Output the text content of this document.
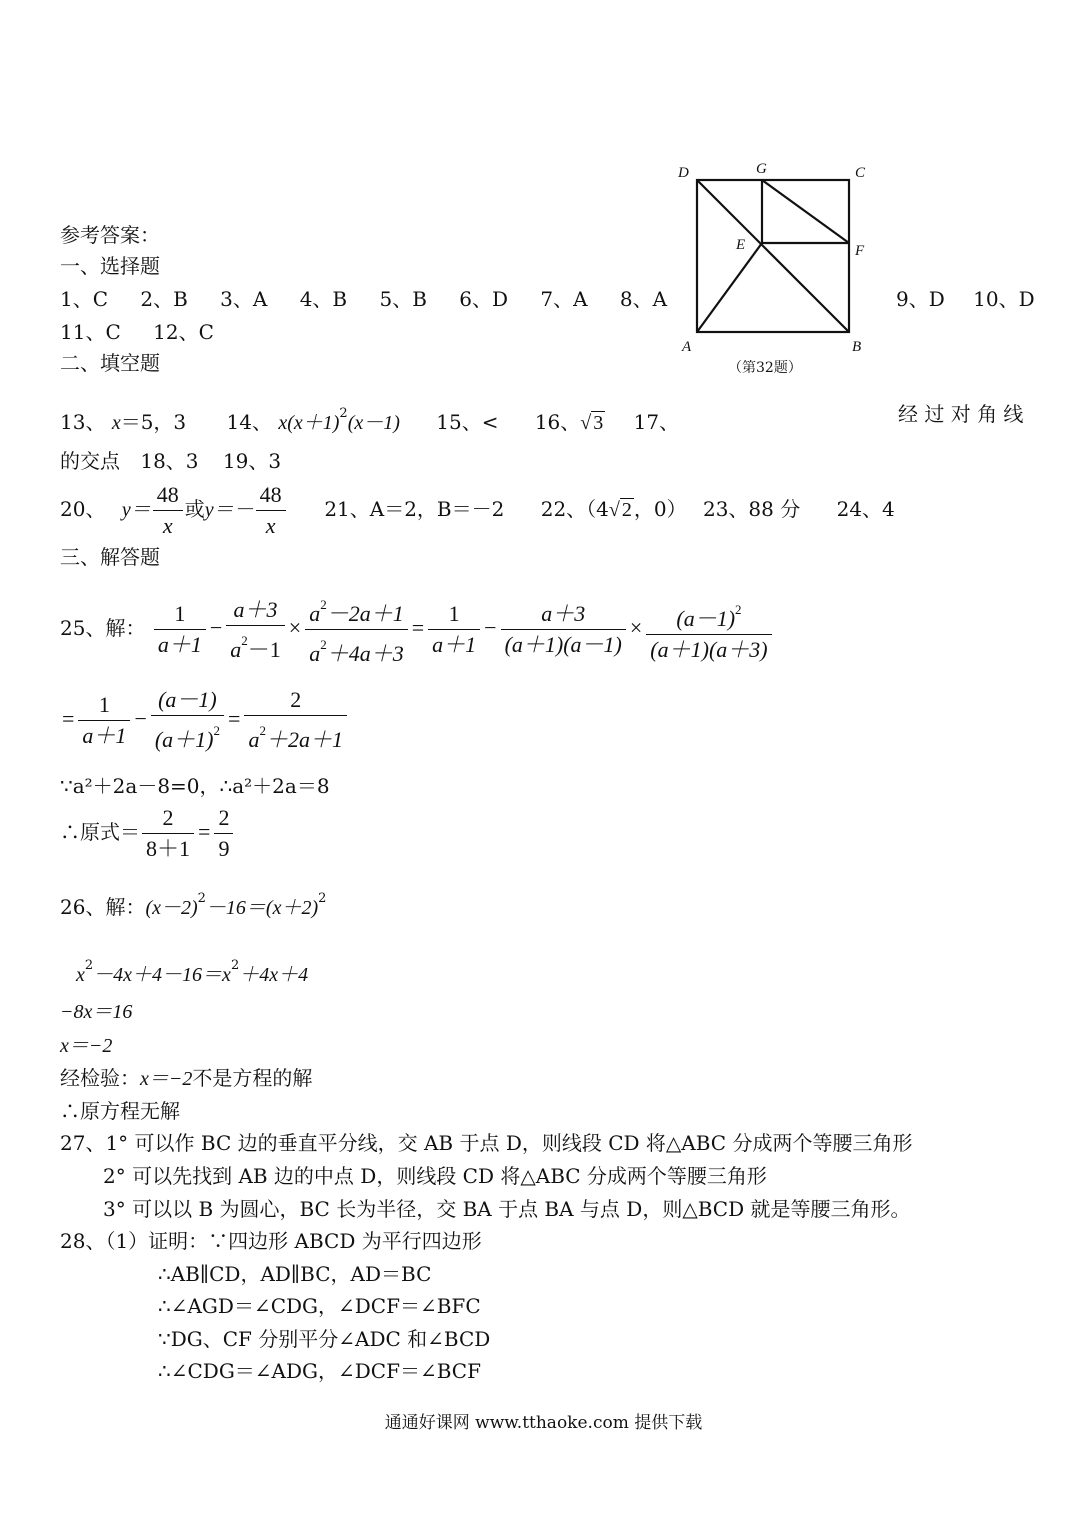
D	G	C
E	F
A	B
（第32题）
参考答案：
一、选择题
1、C 2、B 3、A 4、B 5、B 6、D 7、A 8、A	9、D 10、D
11、C 12、C
二、填空题
13、 x＝5，3 14、 $x(x+1)^2(x-1)$ 15、< 16、√ 3 17、	经 过 对 角 线
的交点 18、3 19、3
20、 $y= \frac{48}{x}$ 或$y=- \frac{48}{x} 21$、A＝2，B＝－2 22、（4√ 2 ，0） 23、88 分 24、4
三、解答题
25、解： $\frac{1}{a+1} - \frac{a+3}{a^2-1} \times \frac{a^2-2a+1}{a^2+4a+3} = \frac{1}{a+1} - \frac{a+3}{(a+1)(a-1)} \times \frac{(a-1)^2}{(a+1)(a+3)}$
= $\frac{1}{a+1} - \frac{(a-1)}{(a+1)^2} = \frac{2}{a^2+2a+1}$
∵a²＋2a－8=0，∴a²＋2a＝8
∴原式＝ $\frac{2}{8+1} = \frac{2}{9}$
26、解：$(x-2)^2-16=(x+2)^2$
$x^2-4x+4-16=x^2+4x+4$
−8x＝16
x＝−2
经检验：x＝−2不是方程的解
∴原方程无解
27、1° 可以作 BC 边的垂直平分线，交 AB 于点 D，则线段 CD 将△ABC 分成两个等腰三角形
2° 可以先找到 AB 边的中点 D，则线段 CD 将△ABC 分成两个等腰三角形
3° 可以以 B 为圆心，BC 长为半径，交 BA 于点 BA 与点 D，则△BCD 就是等腰三角形。
28、（1）证明：∵四边形 ABCD 为平行四边形
∴AB∥CD，AD∥BC，AD＝BC
∴∠AGD＝∠CDG，∠DCF＝∠BFC
∵DG、CF 分别平分∠ADC 和∠BCD
∴∠CDG＝∠ADG，∠DCF＝∠BCF
通通好课网 www.tthaoke.com 提供下载
